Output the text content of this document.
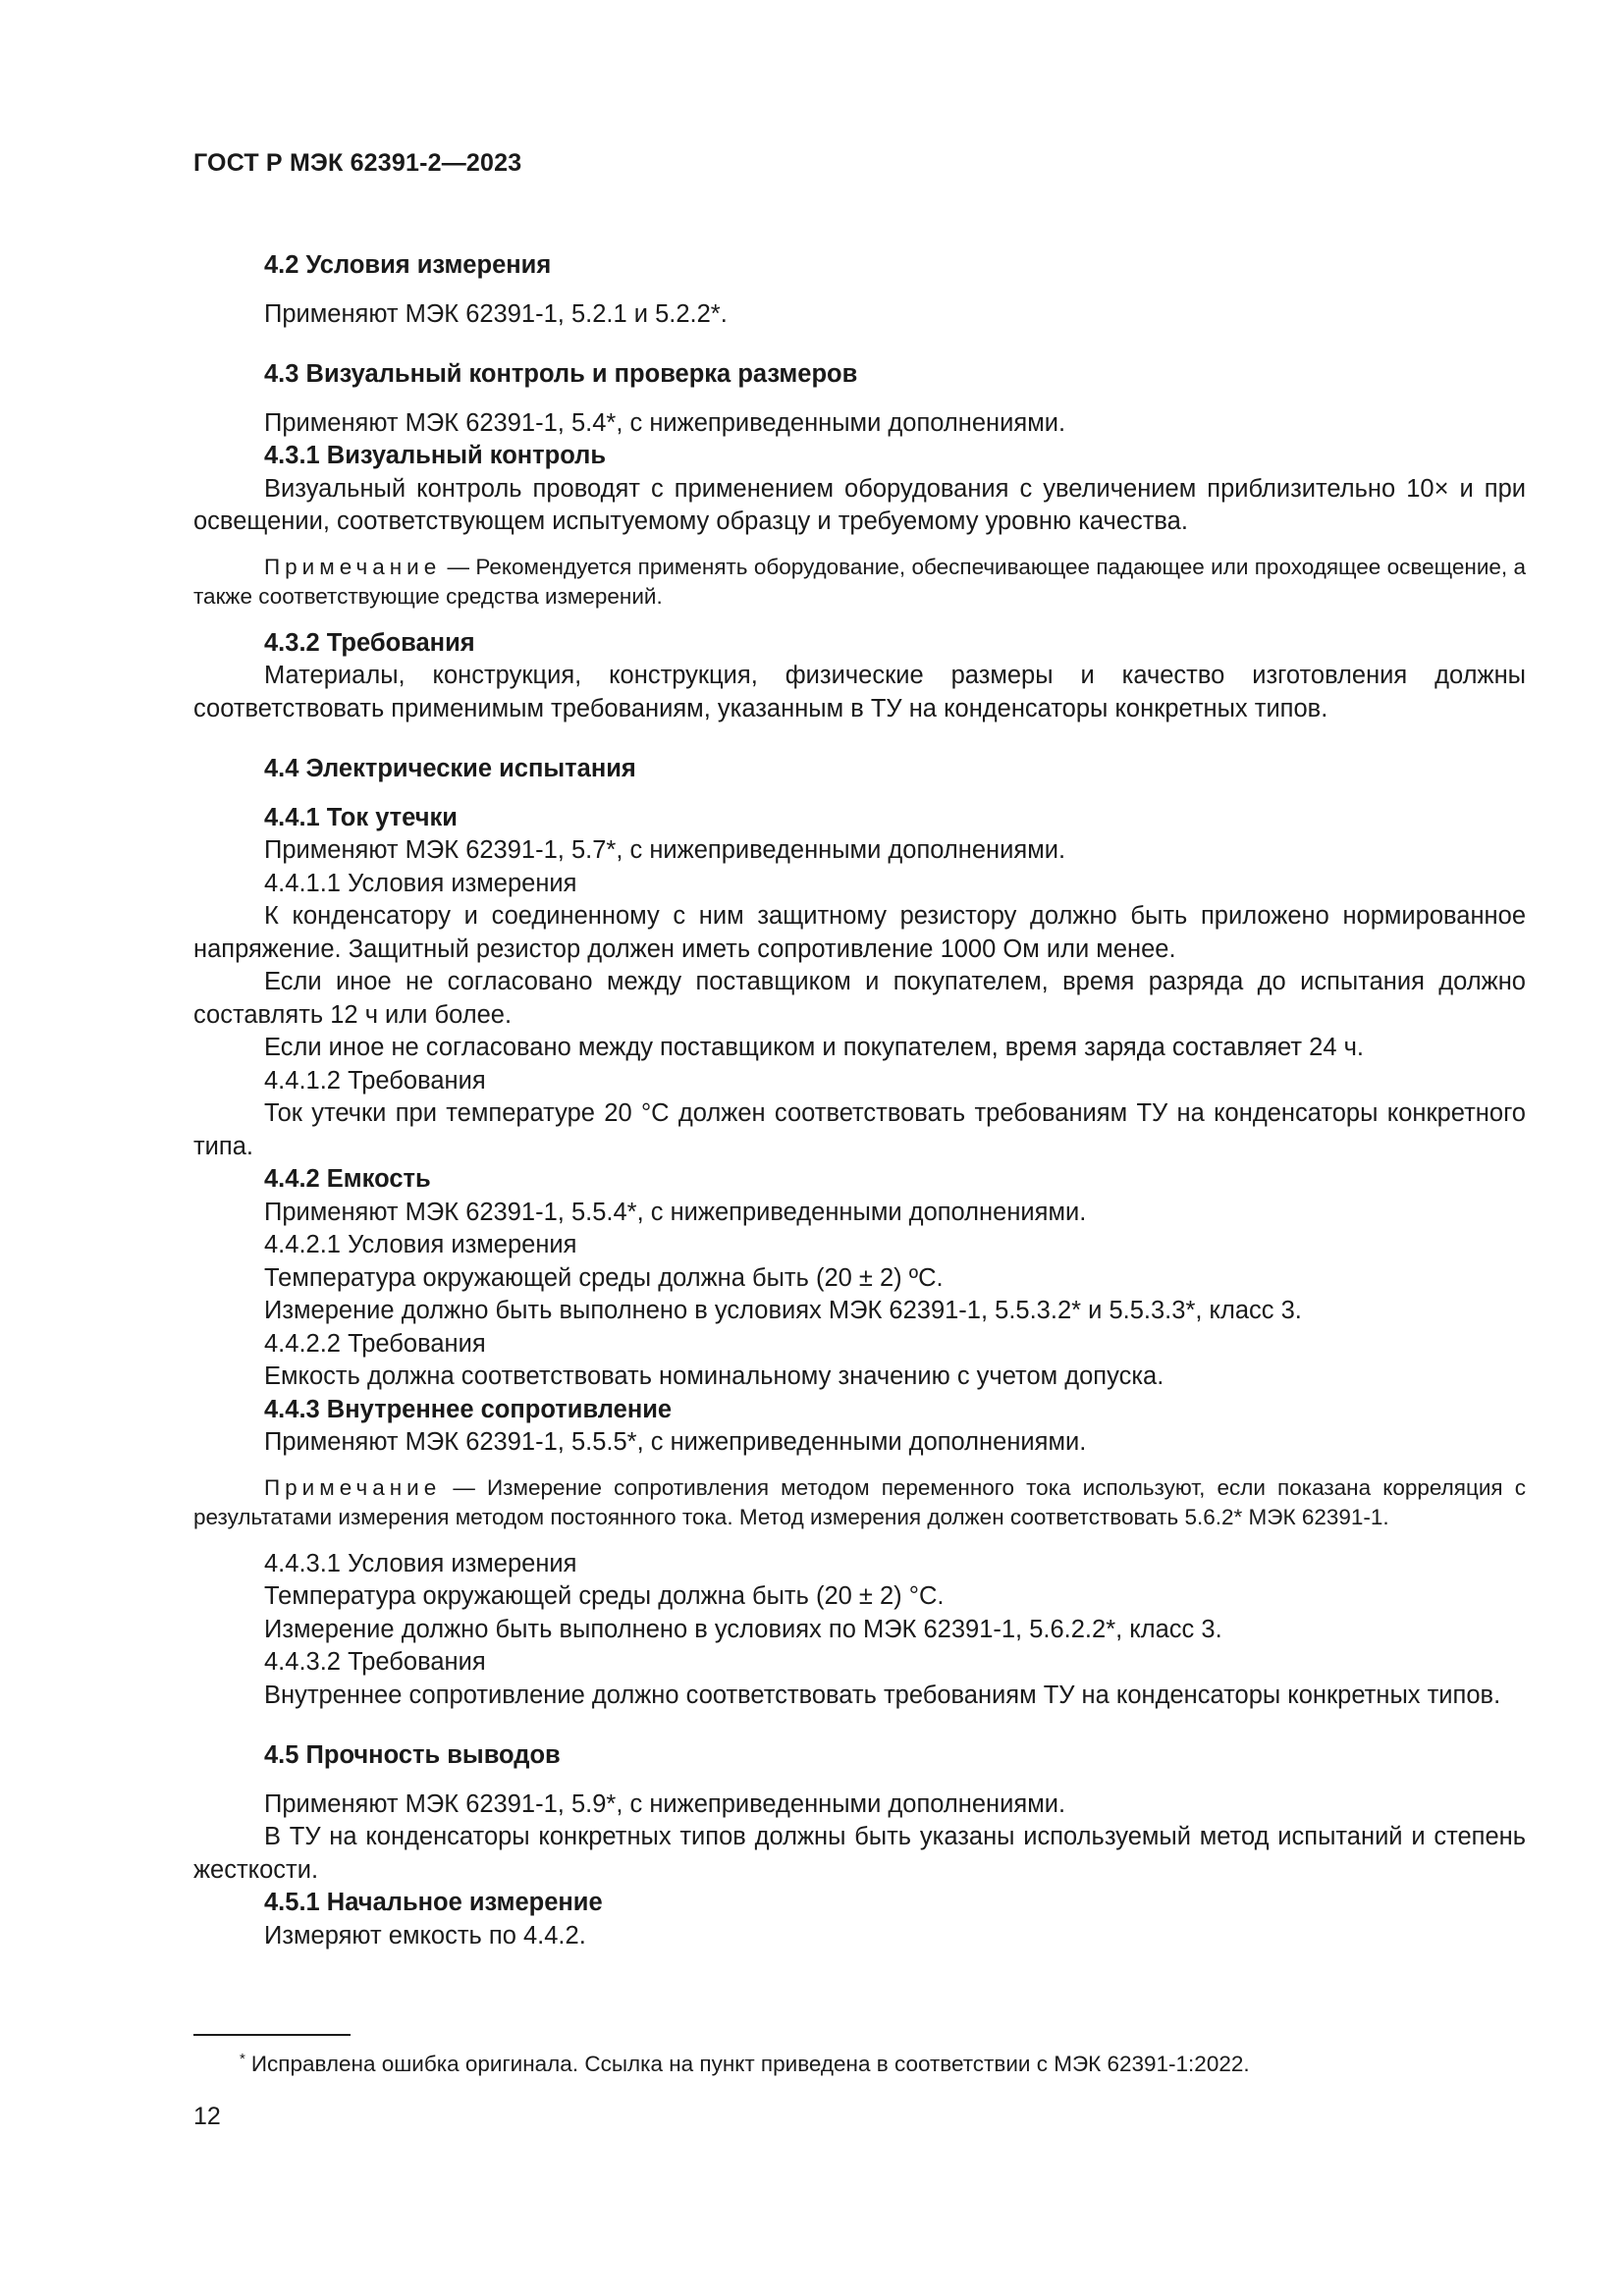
ГОСТ Р МЭК 62391-2—2023

4.2 Условия измерения

Применяют МЭК 62391-1, 5.2.1 и 5.2.2*.

4.3 Визуальный контроль и проверка размеров

Применяют МЭК 62391-1, 5.4*, с нижеприведенными дополнениями.

4.3.1 Визуальный контроль

Визуальный контроль проводят с применением оборудования с увеличением приблизительно 10× и при освещении, соответствующем испытуемому образцу и требуемому уровню качества.

Примечание — Рекомендуется применять оборудование, обеспечивающее падающее или проходящее освещение, а также соответствующие средства измерений.

4.3.2 Требования

Материалы, конструкция, конструкция, физические размеры и качество изготовления должны соответствовать применимым требованиям, указанным в ТУ на конденсаторы конкретных типов.

4.4 Электрические испытания

4.4.1 Ток утечки

Применяют МЭК 62391-1, 5.7*, с нижеприведенными дополнениями.

4.4.1.1 Условия измерения

К конденсатору и соединенному с ним защитному резистору должно быть приложено нормированное напряжение. Защитный резистор должен иметь сопротивление 1000 Ом или менее.

Если иное не согласовано между поставщиком и покупателем, время разряда до испытания должно составлять 12 ч или более.

Если иное не согласовано между поставщиком и покупателем, время заряда составляет 24 ч.

4.4.1.2 Требования

Ток утечки при температуре 20 °С должен соответствовать требованиям ТУ на конденсаторы конкретного типа.

4.4.2 Емкость

Применяют МЭК 62391-1, 5.5.4*, с нижеприведенными дополнениями.

4.4.2.1 Условия измерения

Температура окружающей среды должна быть (20 ± 2) ºС.

Измерение должно быть выполнено в условиях МЭК 62391-1, 5.5.3.2* и 5.5.3.3*, класс 3.

4.4.2.2 Требования

Емкость должна соответствовать номинальному значению с учетом допуска.

4.4.3 Внутреннее сопротивление

Применяют МЭК 62391-1, 5.5.5*, с нижеприведенными дополнениями.

Примечание — Измерение сопротивления методом переменного тока используют, если показана корреляция с результатами измерения методом постоянного тока. Метод измерения должен соответствовать 5.6.2* МЭК 62391-1.

4.4.3.1 Условия измерения

Температура окружающей среды должна быть (20 ± 2) °С.

Измерение должно быть выполнено в условиях по МЭК 62391-1, 5.6.2.2*, класс 3.

4.4.3.2 Требования

Внутреннее сопротивление должно соответствовать требованиям ТУ на конденсаторы конкретных типов.

4.5 Прочность выводов

Применяют МЭК 62391-1, 5.9*, с нижеприведенными дополнениями.

В ТУ на конденсаторы конкретных типов должны быть указаны используемый метод испытаний и степень жесткости.

4.5.1 Начальное измерение

Измеряют емкость по 4.4.2.

* Исправлена ошибка оригинала. Ссылка на пункт приведена в соответствии с МЭК 62391-1:2022.
12
